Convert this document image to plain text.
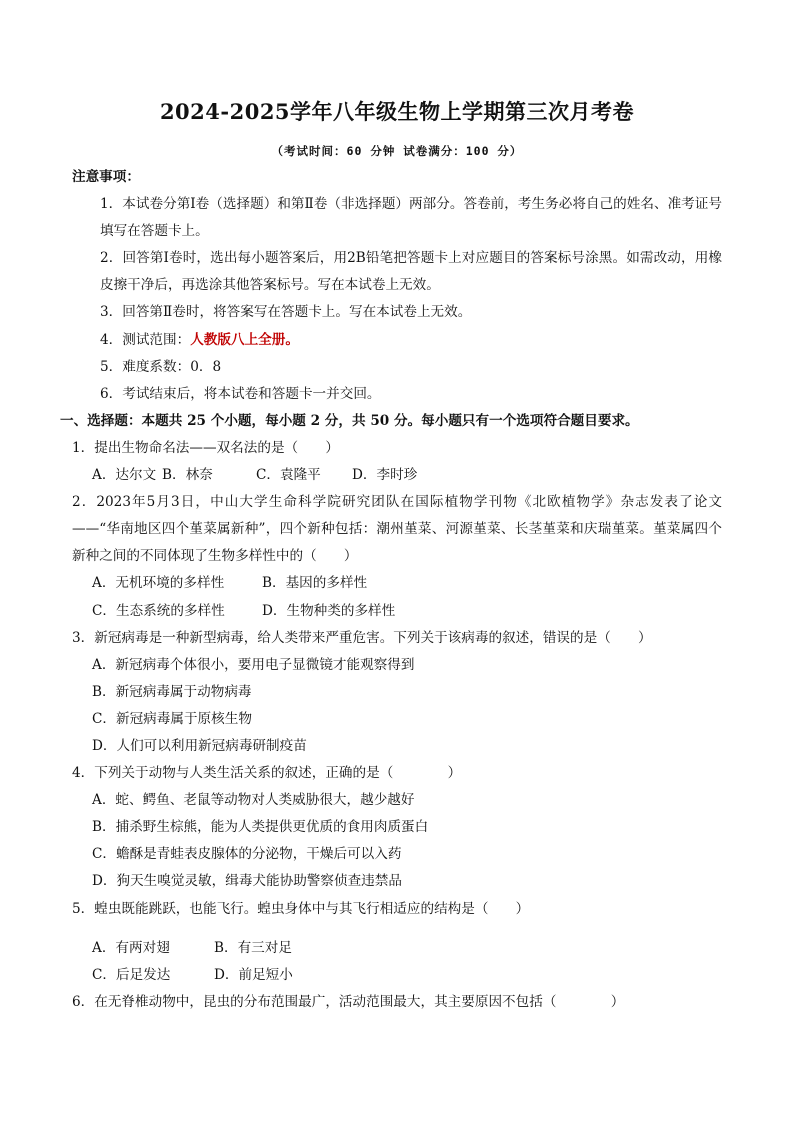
2024-2025学年八年级生物上学期第三次月考卷
（考试时间：60 分钟 试卷满分：100 分）
注意事项：
1．本试卷分第Ⅰ卷（选择题）和第Ⅱ卷（非选择题）两部分。答卷前，考生务必将自己的姓名、准考证号填写在答题卡上。
2．回答第Ⅰ卷时，选出每小题答案后，用2B铅笔把答题卡上对应题目的答案标号涂黑。如需改动，用橡皮擦干净后，再选涂其他答案标号。写在本试卷上无效。
3．回答第Ⅱ卷时，将答案写在答题卡上。写在本试卷上无效。
4．测试范围：人教版八上全册。
5．难度系数：0．8
6．考试结束后，将本试卷和答题卡一并交回。
一、选择题：本题共 25 个小题，每小题 2 分，共 50 分。每小题只有一个选项符合题目要求。
1．提出生物命名法——双名法的是（　　）
A．达尔文 B．林奈	C．袁隆平 D．李时珍
2．2023年5月3日，中山大学生命科学院研究团队在国际植物学刊物《北欧植物学》杂志发表了论文——“华南地区四个堇菜属新种”，四个新种包括：潮州堇菜、河源堇菜、长茎堇菜和庆瑞堇菜。堇菜属四个新种之间的不同体现了生物多样性中的（　　）
A．无机环境的多样性	B．基因的多样性
C．生态系统的多样性	D．生物种类的多样性
3．新冠病毒是一种新型病毒，给人类带来严重危害。下列关于该病毒的叙述，错误的是（　　）
A．新冠病毒个体很小，要用电子显微镜才能观察得到
B．新冠病毒属于动物病毒
C．新冠病毒属于原核生物
D．人们可以利用新冠病毒研制疫苗
4．下列关于动物与人类生活关系的叙述，正确的是（　　　　）
A．蛇、鳄鱼、老鼠等动物对人类威胁很大，越少越好
B．捕杀野生棕熊，能为人类提供更优质的食用肉质蛋白
C．蟾酥是青蛙表皮腺体的分泌物，干燥后可以入药
D．狗天生嗅觉灵敏，缉毒犬能协助警察侦查违禁品
5．蝗虫既能跳跃，也能飞行。蝗虫身体中与其飞行相适应的结构是（　　）
A．有两对翅	B．有三对足
C．后足发达	D．前足短小
6．在无脊椎动物中，昆虫的分布范围最广，活动范围最大，其主要原因不包括（　　　　）
